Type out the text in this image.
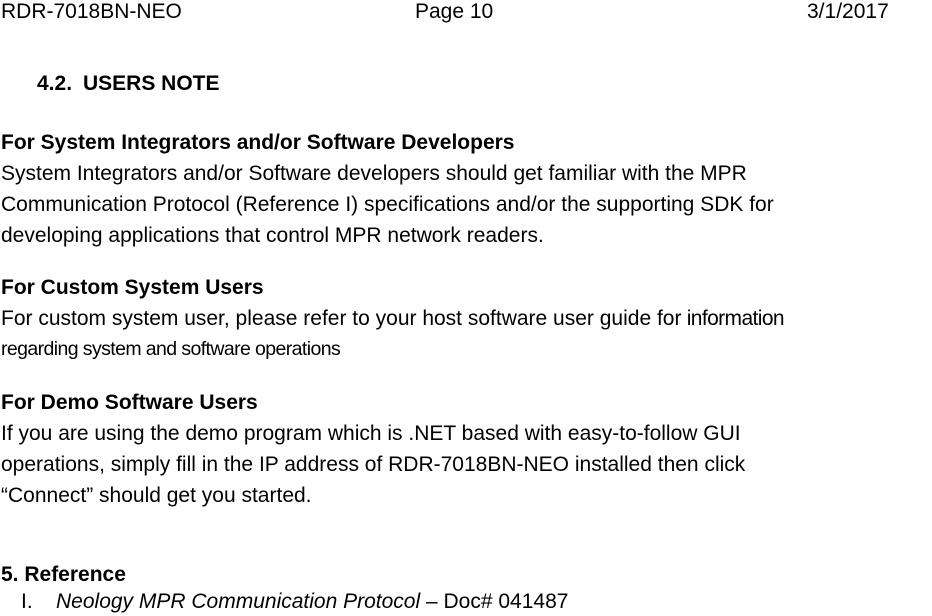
RDR-7018BN-NEO	Page 10	3/1/2017
4.2. USERS NOTE
For System Integrators and/or Software Developers
System Integrators and/or Software developers should get familiar with the MPR
Communication Protocol (Reference I) specifications and/or the supporting SDK for
developing applications that control MPR network readers.
For Custom System Users
For custom system user, please refer to your host software user guide for information
regarding system and software operations
For Demo Software Users
If you are using the demo program which is .NET based with easy-to-follow GUI
operations, simply fill in the IP address of RDR-7018BN-NEO installed then click
“Connect” should get you started.
5. Reference
I. Neology MPR Communication Protocol – Doc# 041487
